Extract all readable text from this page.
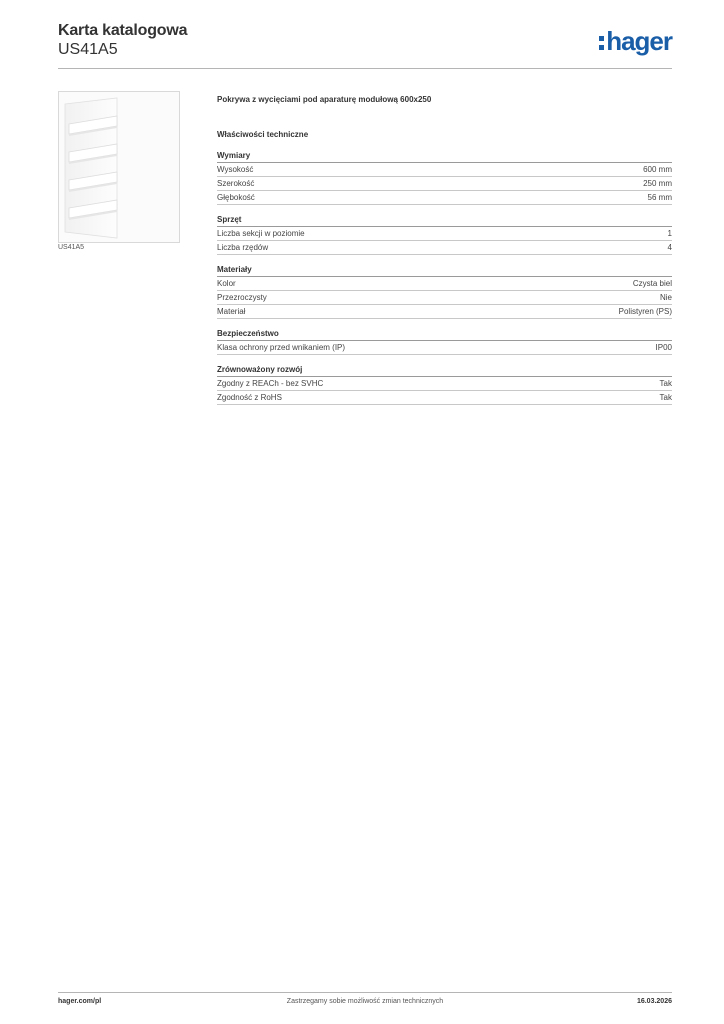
Karta katalogowa
US41A5	hager
US41A5
Pokrywa z wycięciami pod aparaturę modułową 600x250
Właściwości techniczne
Wymiary
Wysokość	600 mm
Szerokość	250 mm
Głębokość	56 mm
Sprzęt
Liczba sekcji w poziomie	1
Liczba rzędów	4
Materiały
Kolor	Czysta biel
Przezroczysty	Nie
Materiał	Polistyren (PS)
Bezpieczeństwo
Klasa ochrony przed wnikaniem (IP)	IP00
Zrównoważony rozwój
Zgodny z REACh - bez SVHC	Tak
Zgodność z RoHS	Tak
hager.com/pl	Zastrzegamy sobie możliwość zmian technicznych	16.03.2026
